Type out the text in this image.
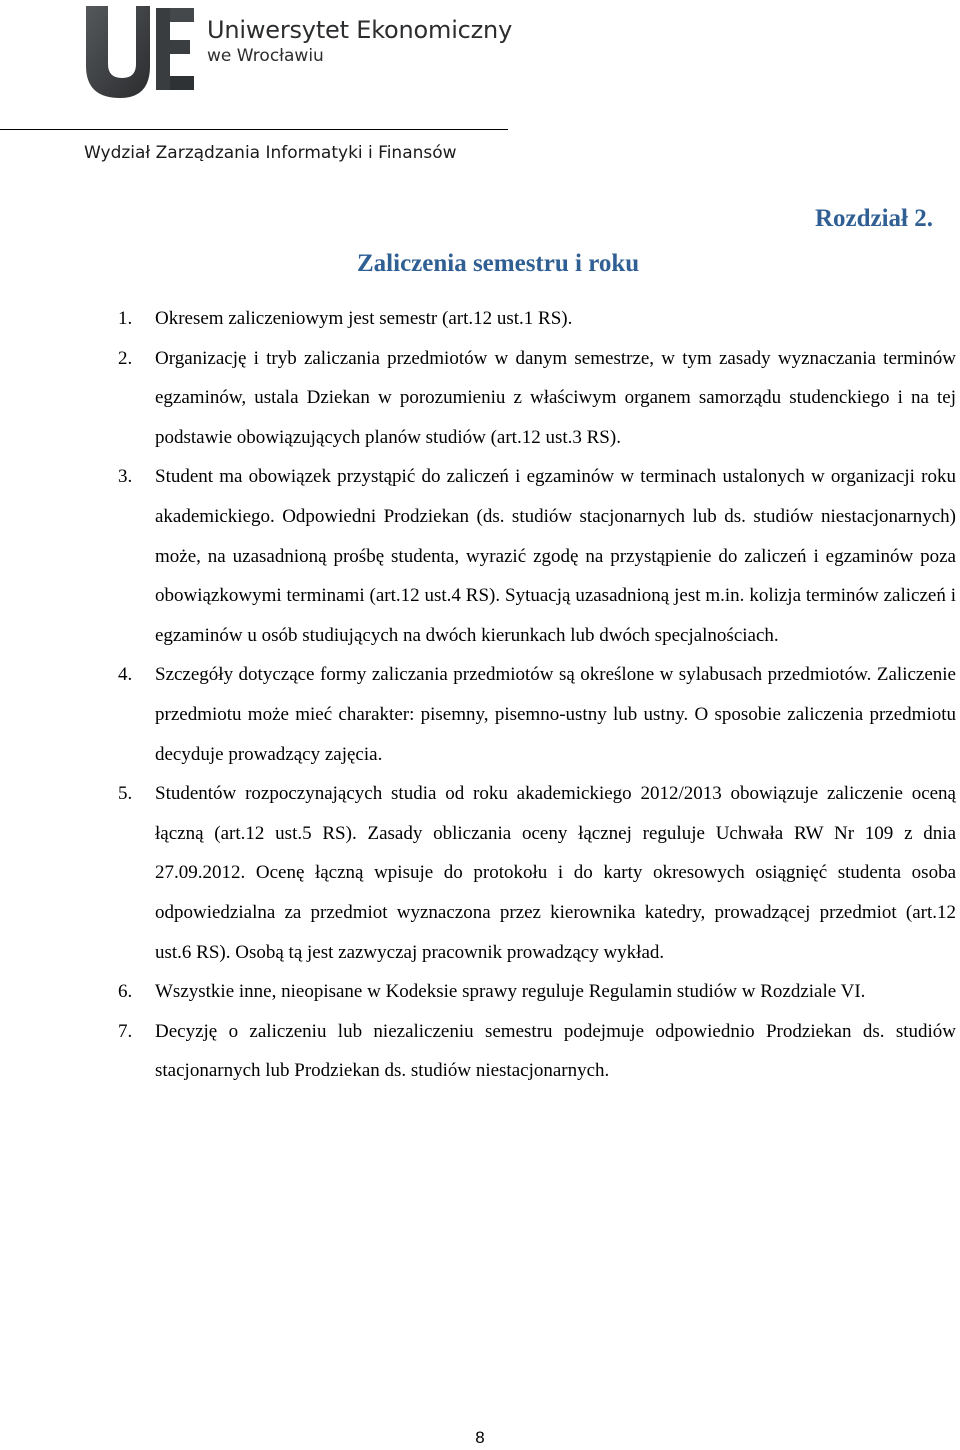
Uniwersytet Ekonomiczny
we Wrocławiu
Wydział Zarządzania Informatyki i Finansów
Rozdział 2.
Zaliczenia semestru i roku
1. Okresem zaliczeniowym jest semestr (art.12 ust.1 RS).
2. Organizację i tryb zaliczania przedmiotów w danym semestrze, w tym zasady wyznaczania terminów egzaminów, ustala Dziekan w porozumieniu z właściwym organem samorządu studenckiego i na tej podstawie obowiązujących planów studiów (art.12 ust.3 RS).
3. Student ma obowiązek przystąpić do zaliczeń i egzaminów w terminach ustalonych w organizacji roku akademickiego. Odpowiedni Prodziekan (ds. studiów stacjonarnych lub ds. studiów niestacjonarnych) może, na uzasadnioną prośbę studenta, wyrazić zgodę na przystąpienie do zaliczeń i egzaminów poza obowiązkowymi terminami (art.12 ust.4 RS). Sytuacją uzasadnioną jest m.in. kolizja terminów zaliczeń i egzaminów u osób studiujących na dwóch kierunkach lub dwóch specjalnościach.
4. Szczegóły dotyczące formy zaliczania przedmiotów są określone w sylabusach przedmiotów. Zaliczenie przedmiotu może mieć charakter: pisemny, pisemno-ustny lub ustny. O sposobie zaliczenia przedmiotu decyduje prowadzący zajęcia.
5. Studentów rozpoczynających studia od roku akademickiego 2012/2013 obowiązuje zaliczenie oceną łączną (art.12 ust.5 RS). Zasady obliczania oceny łącznej reguluje Uchwała RW Nr 109 z dnia 27.09.2012. Ocenę łączną wpisuje do protokołu i do karty okresowych osiągnięć studenta osoba odpowiedzialna za przedmiot wyznaczona przez kierownika katedry, prowadzącej przedmiot (art.12 ust.6 RS). Osobą tą jest zazwyczaj pracownik prowadzący wykład.
6. Wszystkie inne, nieopisane w Kodeksie sprawy reguluje Regulamin studiów w Rozdziale VI.
7. Decyzję o zaliczeniu lub niezaliczeniu semestru podejmuje odpowiednio Prodziekan ds. studiów stacjonarnych lub Prodziekan ds. studiów niestacjonarnych.
8
